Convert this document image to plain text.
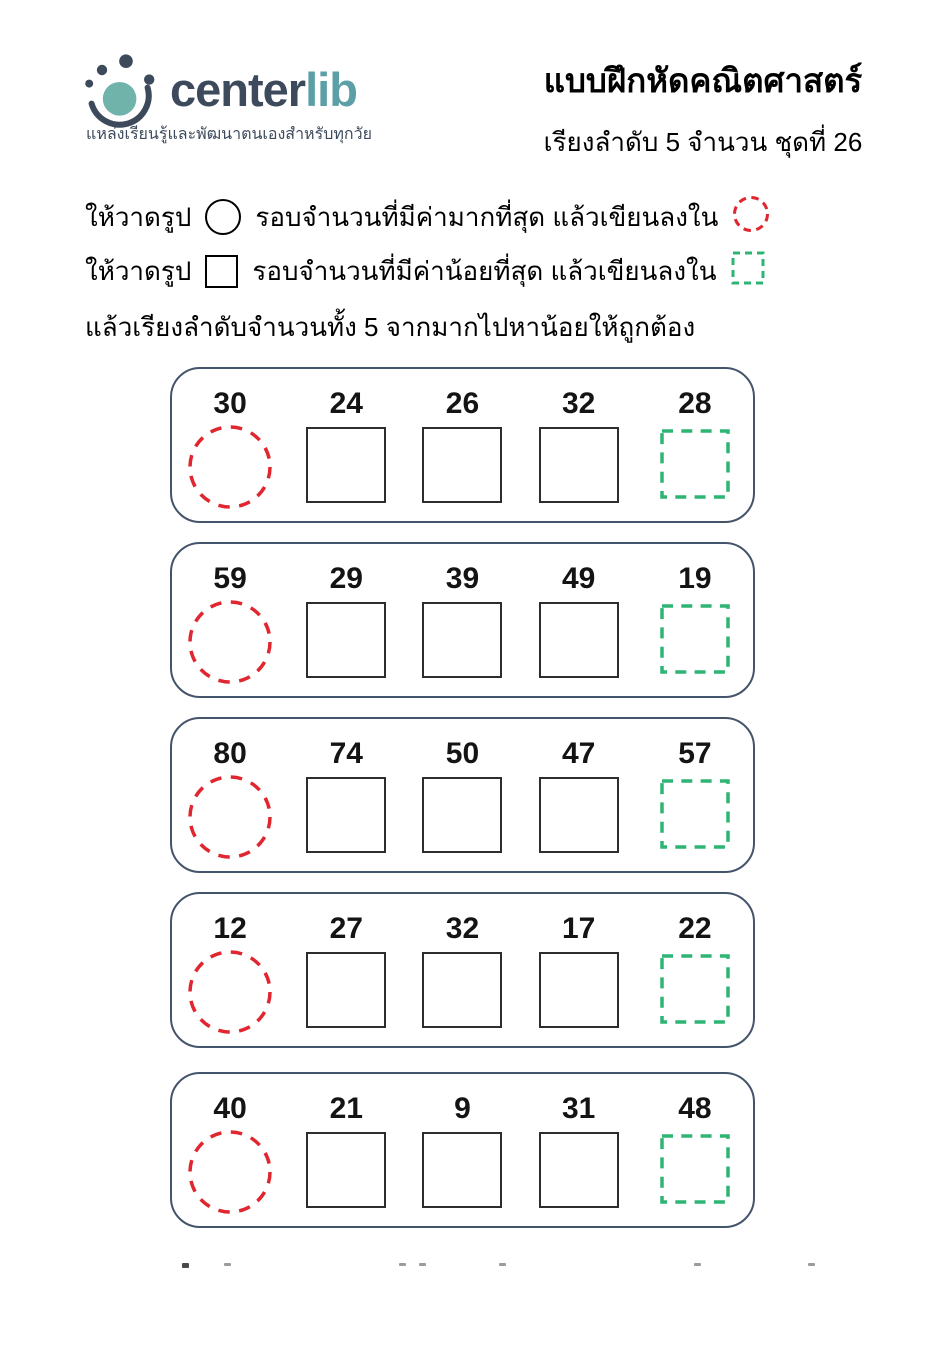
centerlib
แหล่งเรียนรู้และพัฒนาตนเองสำหรับทุกวัย
แบบฝึกหัดคณิตศาสตร์
เรียงลำดับ 5 จำนวน ชุดที่ 26
ให้วาดรูป รอบจำนวนที่มีค่ามากที่สุด แล้วเขียนลงใน
ให้วาดรูป รอบจำนวนที่มีค่าน้อยที่สุด แล้วเขียนลงใน
แล้วเรียงลำดับจำนวนทั้ง 5 จากมากไปหาน้อยให้ถูกต้อง
30	24	26	32	28
59	29	39	49	19
80	74	50	47	57
12	27	32	17	22
40	21	9	31	48
